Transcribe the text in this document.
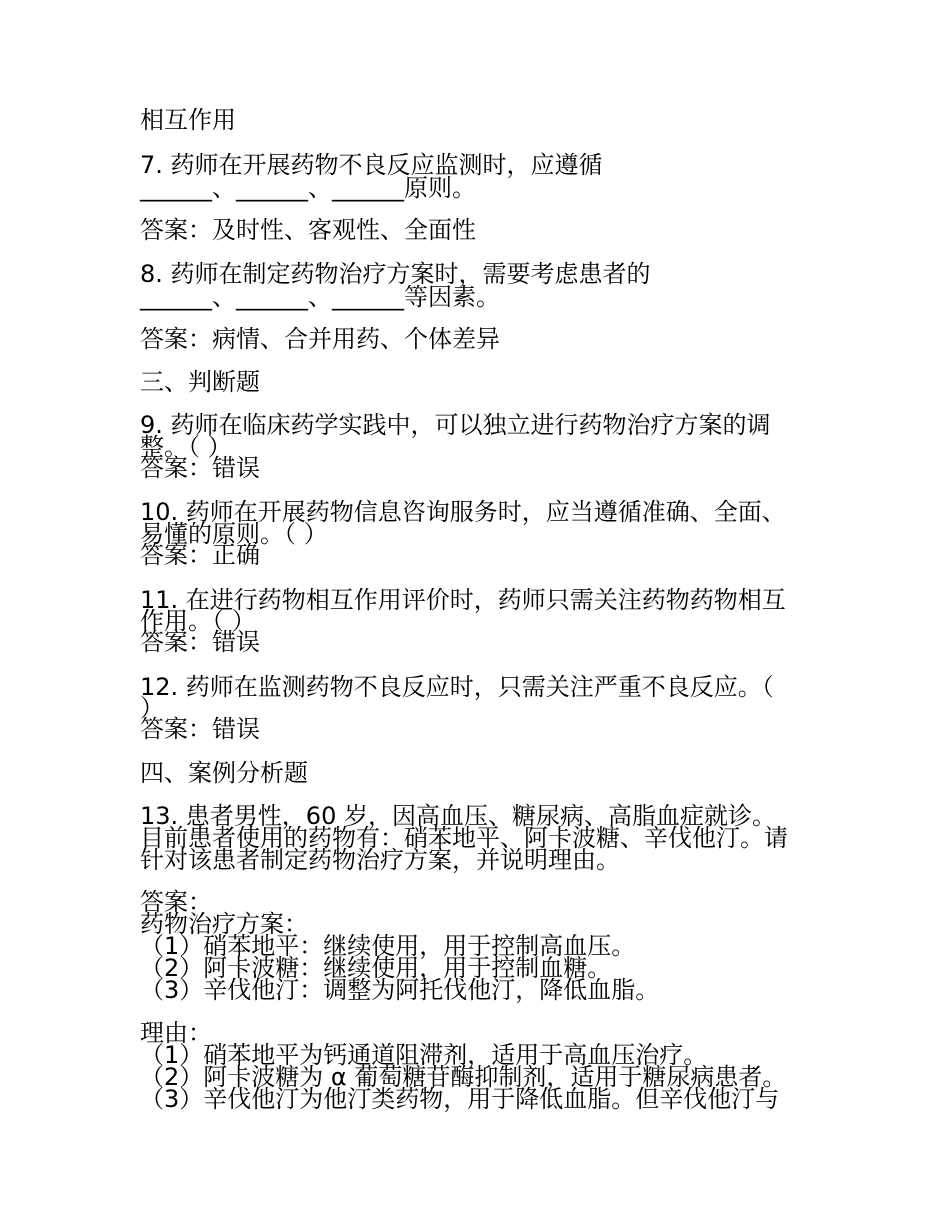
相互作用
7. 药师在开展药物不良反应监测时，应遵循
______、______、______原则。
答案：及时性、客观性、全面性
8. 药师在制定药物治疗方案时，需要考虑患者的
______、______、______等因素。
答案：病情、合并用药、个体差异
三、判断题
9. 药师在临床药学实践中，可以独立进行药物治疗方案的调
整。（ ）
答案：错误
10. 药师在开展药物信息咨询服务时，应当遵循准确、全面、
易懂的原则。（ ）
答案：正确
11. 在进行药物相互作用评价时，药师只需关注药物药物相互
作用。（ ）
答案：错误
12. 药师在监测药物不良反应时，只需关注严重不良反应。（
）
答案：错误
四、案例分析题
13. 患者男性，60 岁，因高血压、糖尿病、高脂血症就诊。
目前患者使用的药物有：硝苯地平、阿卡波糖、辛伐他汀。请
针对该患者制定药物治疗方案，并说明理由。
答案：
药物治疗方案：
（1）硝苯地平：继续使用，用于控制高血压。
（2）阿卡波糖：继续使用，用于控制血糖。
（3）辛伐他汀：调整为阿托伐他汀，降低血脂。
理由：
（1）硝苯地平为钙通道阻滞剂，适用于高血压治疗。
（2）阿卡波糖为 α 葡萄糖苷酶抑制剂，适用于糖尿病患者。
（3）辛伐他汀为他汀类药物，用于降低血脂。但辛伐他汀与
